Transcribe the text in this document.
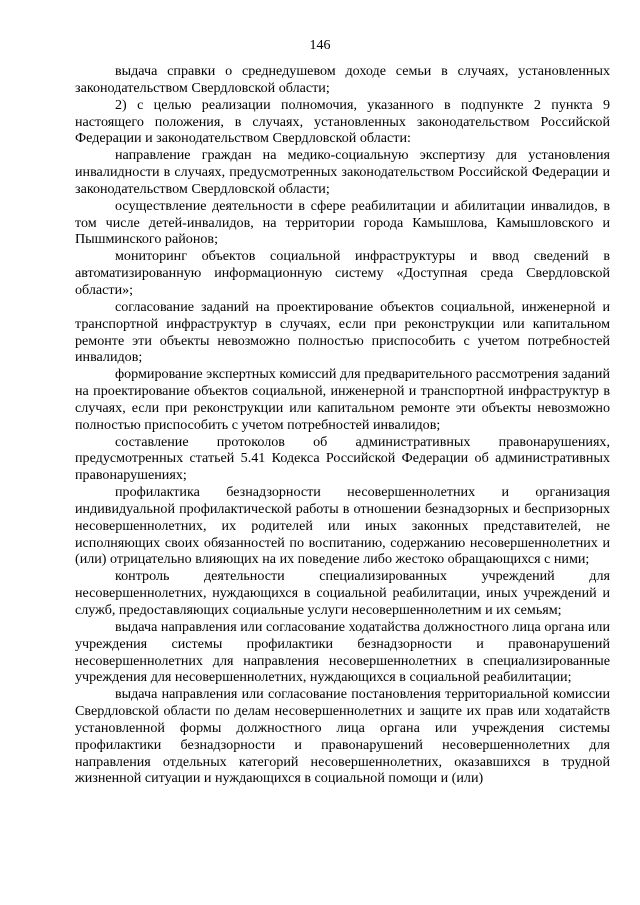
146

выдача справки о среднедушевом доходе семьи в случаях, установленных законодательством Свердловской области;

2) с целью реализации полномочия, указанного в подпункте 2 пункта 9 настоящего положения, в случаях, установленных законодательством Российской Федерации и законодательством Свердловской области:

направление граждан на медико-социальную экспертизу для установления инвалидности в случаях, предусмотренных законодательством Российской Федерации и законодательством Свердловской области;

осуществление деятельности в сфере реабилитации и абилитации инвалидов, в том числе детей-инвалидов, на территории города Камышлова, Камышловского и Пышминского районов;

мониторинг объектов социальной инфраструктуры и ввод сведений в автоматизированную информационную систему «Доступная среда Свердловской области»;

согласование заданий на проектирование объектов социальной, инженерной и транспортной инфраструктур в случаях, если при реконструкции или капитальном ремонте эти объекты невозможно полностью приспособить с учетом потребностей инвалидов;

формирование экспертных комиссий для предварительного рассмотрения заданий на проектирование объектов социальной, инженерной и транспортной инфраструктур в случаях, если при реконструкции или капитальном ремонте эти объекты невозможно полностью приспособить с учетом потребностей инвалидов;

составление протоколов об административных правонарушениях, предусмотренных статьей 5.41 Кодекса Российской Федерации об административных правонарушениях;

профилактика безнадзорности несовершеннолетних и организация индивидуальной профилактической работы в отношении безнадзорных и беспризорных несовершеннолетних, их родителей или иных законных представителей, не исполняющих своих обязанностей по воспитанию, содержанию несовершеннолетних и (или) отрицательно влияющих на их поведение либо жестоко обращающихся с ними;

контроль деятельности специализированных учреждений для несовершеннолетних, нуждающихся в социальной реабилитации, иных учреждений и служб, предоставляющих социальные услуги несовершеннолетним и их семьям;

выдача направления или согласование ходатайства должностного лица органа или учреждения системы профилактики безнадзорности и правонарушений несовершеннолетних для направления несовершеннолетних в специализированные учреждения для несовершеннолетних, нуждающихся в социальной реабилитации;

выдача направления или согласование постановления территориальной комиссии Свердловской области по делам несовершеннолетних и защите их прав или ходатайств установленной формы должностного лица органа или учреждения системы профилактики безнадзорности и правонарушений несовершеннолетних для направления отдельных категорий несовершеннолетних, оказавшихся в трудной жизненной ситуации и нуждающихся в социальной помощи и (или)
